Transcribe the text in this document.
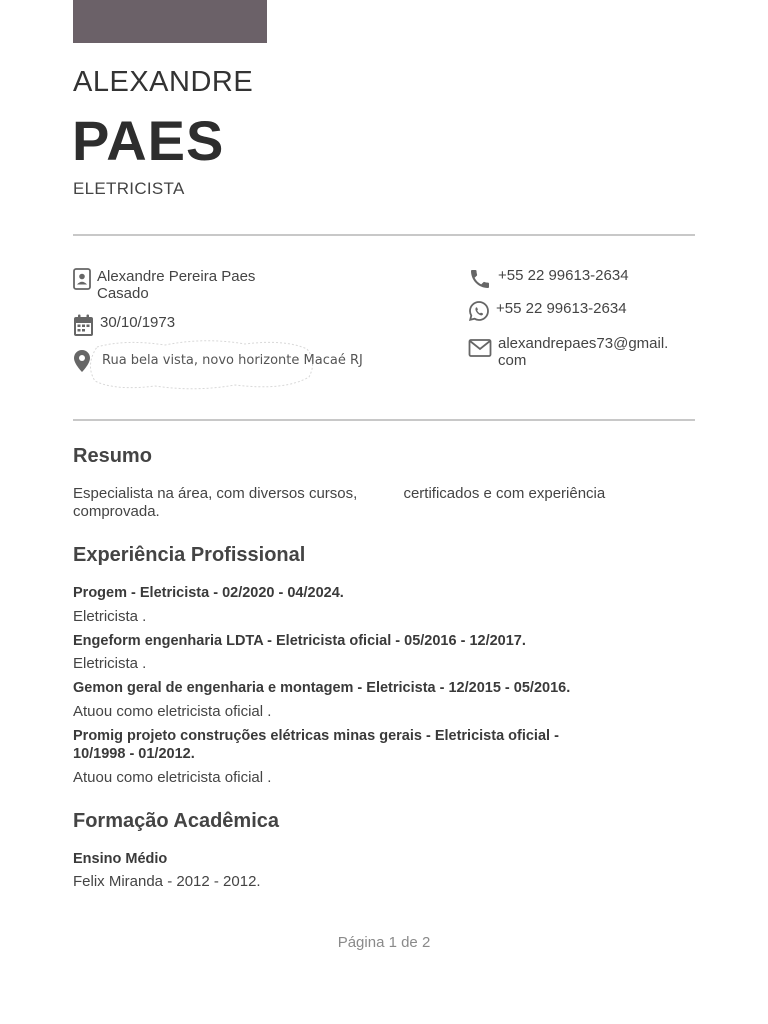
ALEXANDRE
PAES
ELETRICISTA
Alexandre Pereira Paes
Casado
30/10/1973
Rua bela vista, novo horizonte Macaé RJ
+55 22 99613-2634
+55 22 99613-2634
alexandrepaes73@gmail.
com
Resumo
Especialista na área, com diversos cursos,	certificados e com experiência
comprovada.
Experiência Profissional
Progem - Eletricista - 02/2020 - 04/2024.
Eletricista .
Engeform engenharia LDTA - Eletricista oficial - 05/2016 - 12/2017.
Eletricista .
Gemon geral de engenharia e montagem - Eletricista - 12/2015 - 05/2016.
Atuou como eletricista oficial .
Promig projeto construções elétricas minas gerais - Eletricista oficial -
10/1998 - 01/2012.
Atuou como eletricista oficial .
Formação Acadêmica
Ensino Médio
Felix Miranda - 2012 - 2012.
Página 1 de 2
